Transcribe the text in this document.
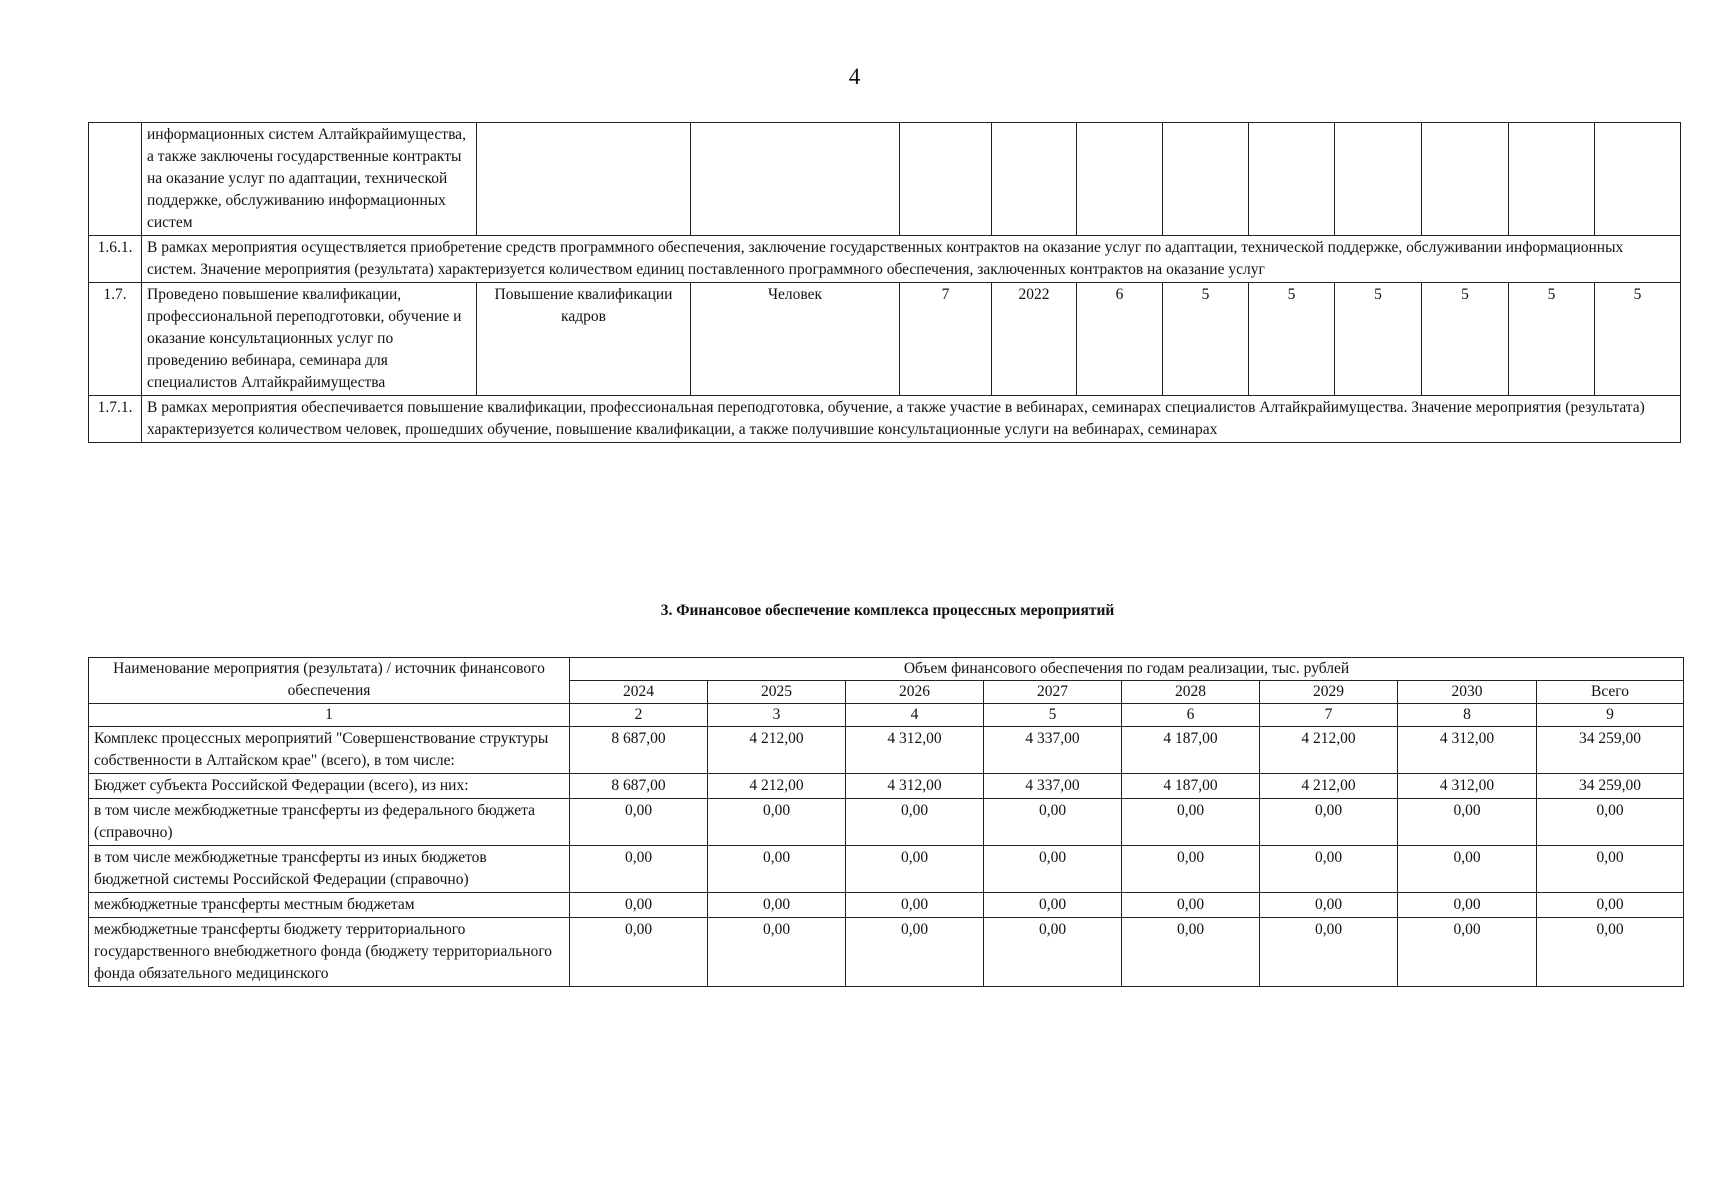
4
	информационных систем Алтайкрайимущества, а также заключены государственные контракты на оказание услуг по адаптации, технической поддержке, обслуживанию информационных систем											
1.6.1.	В рамках мероприятия осуществляется приобретение средств программного обеспечения, заключение государственных контрактов на оказание услуг по адаптации, технической поддержке, обслуживании информационных систем. Значение мероприятия (результата) характеризуется количеством единиц поставленного программного обеспечения, заключенных контрактов на оказание услуг											
1.7.	Проведено повышение квалификации, профессиональной переподготовки, обучение и оказание консультационных услуг по проведению вебинара, семинара для специалистов Алтайкрайимущества	Повышение квалификации кадров	Человек	7	2022	6	5	5	5	5	5	5
1.7.1.	В рамках мероприятия обеспечивается повышение квалификации, профессиональная переподготовка, обучение, а также участие в вебинарах, семинарах специалистов Алтайкрайимущества. Значение мероприятия (результата) характеризуется количеством человек, прошедших обучение, повышение квалификации, а также получившие консультационные услуги на вебинарах, семинарах											
3. Финансовое обеспечение комплекса процессных мероприятий
Наименование мероприятия (результата) / источник финансового обеспечения	Объем финансового обеспечения по годам реализации, тыс. рублей							
	2024	2025	2026	2027	2028	2029	2030	Всего
1	2	3	4	5	6	7	8	9
Комплекс процессных мероприятий "Совершенствование структуры собственности в Алтайском крае" (всего), в том числе:	8 687,00	4 212,00	4 312,00	4 337,00	4 187,00	4 212,00	4 312,00	34 259,00
Бюджет субъекта Российской Федерации (всего), из них:	8 687,00	4 212,00	4 312,00	4 337,00	4 187,00	4 212,00	4 312,00	34 259,00
в том числе межбюджетные трансферты из федерального бюджета (справочно)	0,00	0,00	0,00	0,00	0,00	0,00	0,00	0,00
в том числе межбюджетные трансферты из иных бюджетов бюджетной системы Российской Федерации (справочно)	0,00	0,00	0,00	0,00	0,00	0,00	0,00	0,00
межбюджетные трансферты местным бюджетам	0,00	0,00	0,00	0,00	0,00	0,00	0,00	0,00
межбюджетные трансферты бюджету территориального государственного внебюджетного фонда (бюджету территориального фонда обязательного медицинского	0,00	0,00	0,00	0,00	0,00	0,00	0,00	0,00
